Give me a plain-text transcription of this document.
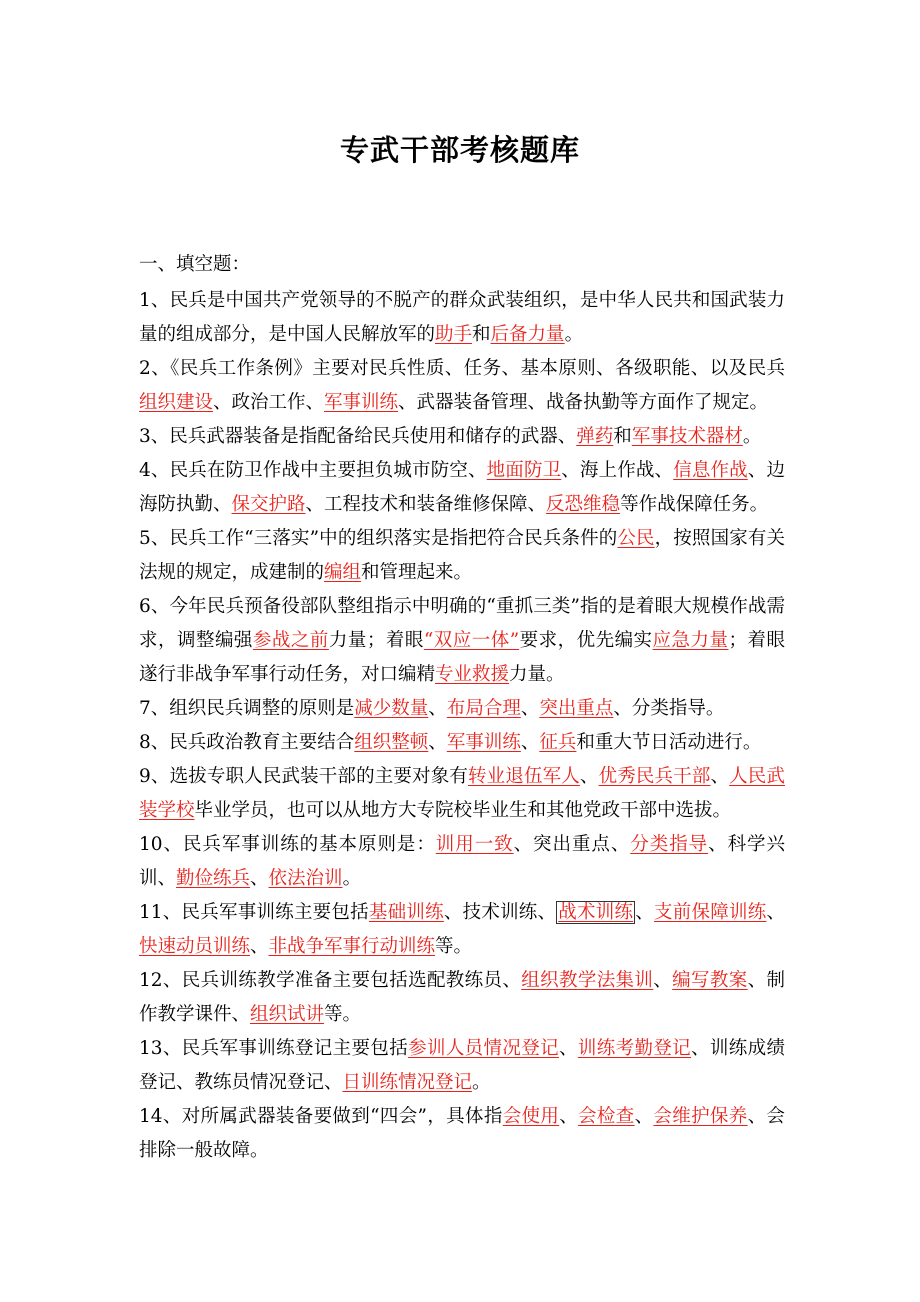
专武干部考核题库
一、填空题：

1、民兵是中国共产党领导的不脱产的群众武装组织，是中华人民共和国武装力量的组成部分，是中国人民解放军的助手和后备力量。

2、《民兵工作条例》主要对民兵性质、任务、基本原则、各级职能、以及民兵组织建设、政治工作、军事训练、武器装备管理、战备执勤等方面作了规定。

3、民兵武器装备是指配备给民兵使用和储存的武器、弹药和军事技术器材。

4、民兵在防卫作战中主要担负城市防空、地面防卫、海上作战、信息作战、边海防执勤、保交护路、工程技术和装备维修保障、反恐维稳等作战保障任务。

5、民兵工作“三落实”中的组织落实是指把符合民兵条件的公民，按照国家有关法规的规定，成建制的编组和管理起来。

6、今年民兵预备役部队整组指示中明确的“重抓三类”指的是着眼大规模作战需求，调整编强参战之前力量；着眼“双应一体”要求，优先编实应急力量；着眼遂行非战争军事行动任务，对口编精专业救援力量。

7、组织民兵调整的原则是减少数量、布局合理、突出重点、分类指导。

8、民兵政治教育主要结合组织整顿、军事训练、征兵和重大节日活动进行。

9、选拔专职人民武装干部的主要对象有转业退伍军人、优秀民兵干部、人民武装学校毕业学员，也可以从地方大专院校毕业生和其他党政干部中选拔。

10、民兵军事训练的基本原则是：训用一致、突出重点、分类指导、科学兴训、勤俭练兵、依法治训。

11、民兵军事训练主要包括基础训练、技术训练、 战术训练 、支前保障训练、快速动员训练、非战争军事行动训练等。

12、民兵训练教学准备主要包括选配教练员、组织教学法集训、编写教案、制作教学课件、组织试讲等。

13、民兵军事训练登记主要包括参训人员情况登记、训练考勤登记、训练成绩登记、教练员情况登记、日训练情况登记。

14、对所属武器装备要做到“四会”，具体指会使用、会检查、会维护保养、会排除一般故障。
